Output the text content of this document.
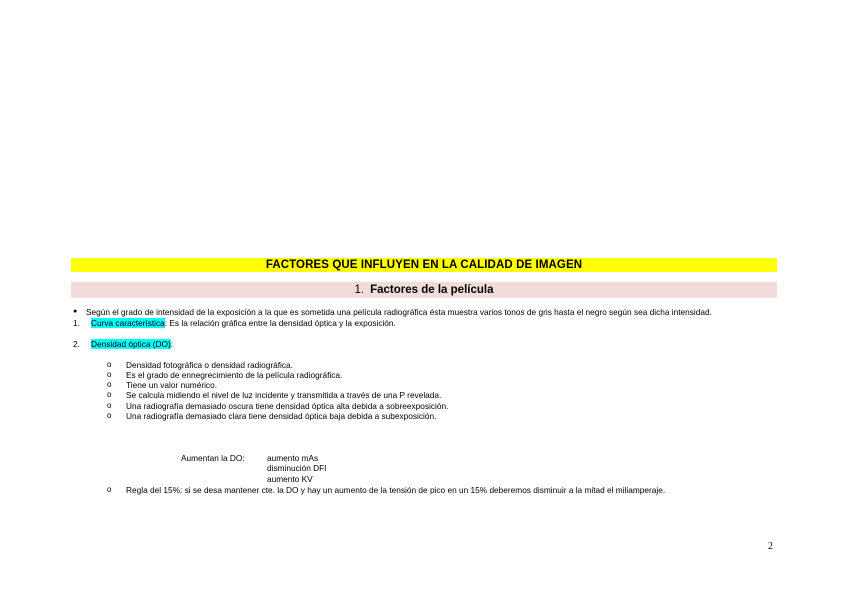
FACTORES QUE INFLUYEN EN LA CALIDAD DE IMAGEN
1. Factores de la película
● Según el grado de intensidad de la exposición a la que es sometida una película radiográfica ésta muestra varios tonos de gris hasta el negro según sea dicha intensidad.
1. Curva característica: Es la relación gráfica entre la densidad óptica y la exposición.
2. Densidad óptica (DO):
o Densidad fotográfica o densidad radiográfica.
o Es el grado de ennegrecimiento de la película radiográfica.
o Tiene un valor numérico.
o Se calcula midiendo el nivel de luz incidente y transmitida a través de una P revelada.
o Una radiografía demasiado oscura tiene densidad óptica alta debida a sobreexposición.
o Una radiografía demasiado clara tiene densidad óptica baja debida a subexposición.
Aumentan la DO:	aumento mAs
disminución DFI
aumento KV
o Regla del 15%: si se desa mantener cte. la DO y hay un aumento de la tensión de pico en un 15% deberemos disminuir a la mitad el miliamperaje.
2
